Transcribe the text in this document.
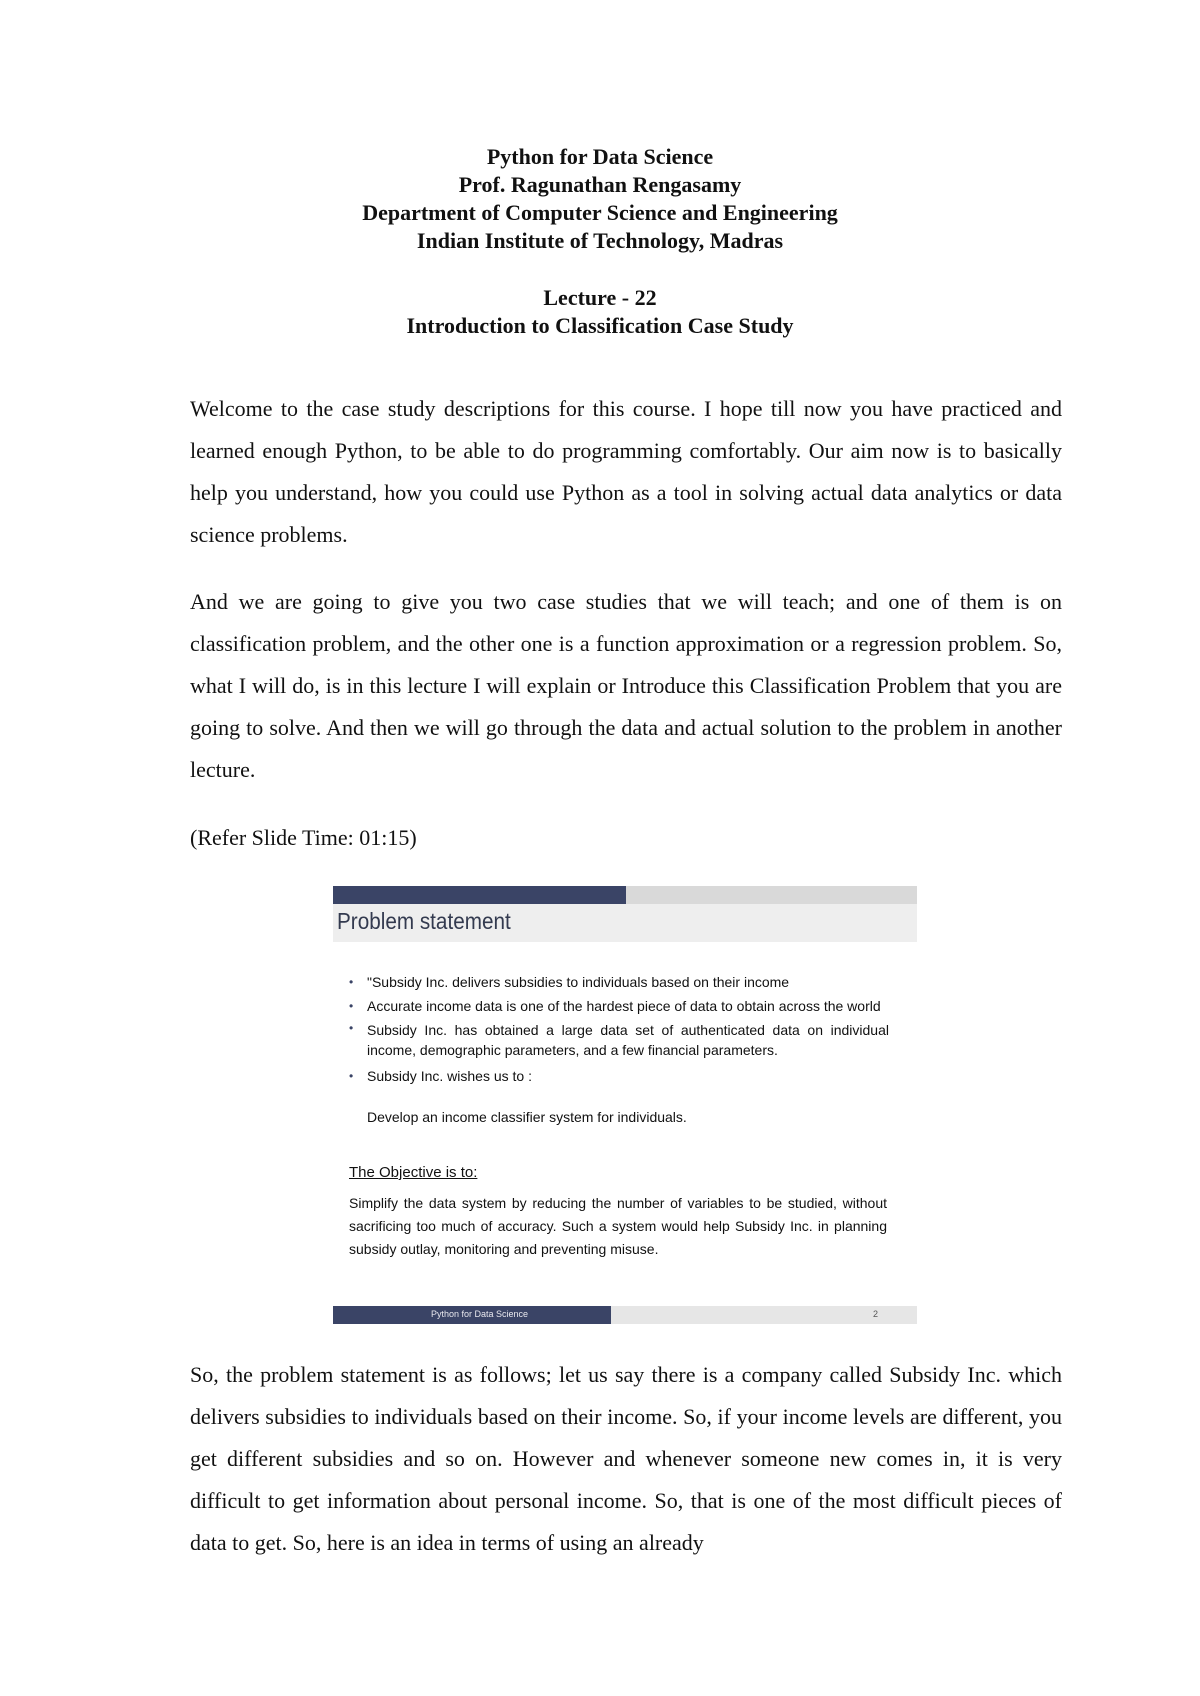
Python for Data Science
Prof. Ragunathan Rengasamy
Department of Computer Science and Engineering
Indian Institute of Technology, Madras
Lecture - 22
Introduction to Classification Case Study

Welcome to the case study descriptions for this course. I hope till now you have practiced and learned enough Python, to be able to do programming comfortably. Our aim now is to basically help you understand, how you could use Python as a tool in solving actual data analytics or data science problems.

And we are going to give you two case studies that we will teach; and one of them is on classification problem, and the other one is a function approximation or a regression problem. So, what I will do, is in this lecture I will explain or Introduce this Classification Problem that you are going to solve. And then we will go through the data and actual solution to the problem in another lecture.

(Refer Slide Time: 01:15)

Problem statement
• "Subsidy Inc. delivers subsidies to individuals based on their income
• Accurate income data is one of the hardest piece of data to obtain across the world
• Subsidy Inc. has obtained a large data set of authenticated data on individual income, demographic parameters, and a few financial parameters.
• Subsidy Inc. wishes us to :
Develop an income classifier system for individuals.
The Objective is to:
Simplify the data system by reducing the number of variables to be studied, without sacrificing too much of accuracy. Such a system would help Subsidy Inc. in planning subsidy outlay, monitoring and preventing misuse.
Python for Data Science	2

So, the problem statement is as follows; let us say there is a company called Subsidy Inc. which delivers subsidies to individuals based on their income. So, if your income levels are different, you get different subsidies and so on. However and whenever someone new comes in, it is very difficult to get information about personal income. So, that is one of the most difficult pieces of data to get. So, here is an idea in terms of using an already
